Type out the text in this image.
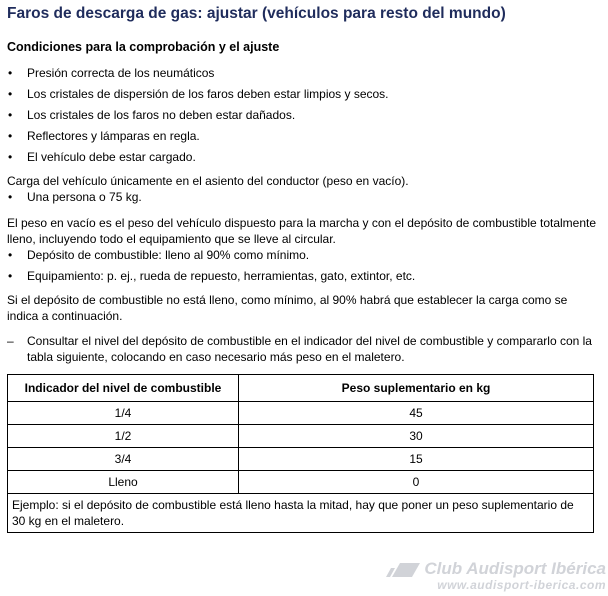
Faros de descarga de gas: ajustar (vehículos para resto del mundo)
Condiciones para la comprobación y el ajuste
• Presión correcta de los neumáticos
• Los cristales de dispersión de los faros deben estar limpios y secos.
• Los cristales de los faros no deben estar dañados.
• Reflectores y lámparas en regla.
• El vehículo debe estar cargado.

Carga del vehículo únicamente en el asiento del conductor (peso en vacío).

• Una persona o 75 kg.

El peso en vacío es el peso del vehículo dispuesto para la marcha y con el depósito de combustible totalmente lleno, incluyendo todo el equipamiento que se lleve al circular.

• Depósito de combustible: lleno al 90% como mínimo.
• Equipamiento: p. ej., rueda de repuesto, herramientas, gato, extintor, etc.

Si el depósito de combustible no está lleno, como mínimo, al 90% habrá que establecer la carga como se indica a continuación.

– Consultar el nivel del depósito de combustible en el indicador del nivel de combustible y compararlo con la tabla siguiente, colocando en caso necesario más peso en el maletero.
Indicador del nivel de combustible	Peso suplementario en kg
1/4	45
1/2	30
3/4	15
Lleno	0
Ejemplo: si el depósito de combustible está lleno hasta la mitad, hay que poner un peso suplementario de 30 kg en el maletero.	
Club Audisport Ibérica
www.audisport-iberica.com
